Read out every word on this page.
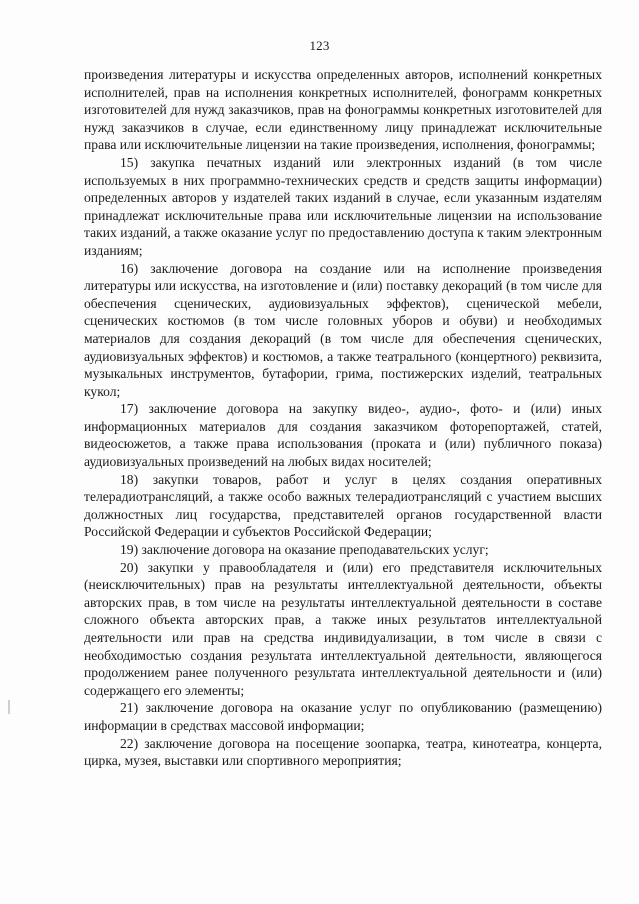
123

произведения литературы и искусства определенных авторов, исполнений конкретных исполнителей, прав на исполнения конкретных исполнителей, фонограмм конкретных изготовителей для нужд заказчиков, прав на фонограммы конкретных изготовителей для нужд заказчиков в случае, если единственному лицу принадлежат исключительные права или исключительные лицензии на такие произведения, исполнения, фонограммы;

15) закупка печатных изданий или электронных изданий (в том числе используемых в них программно-технических средств и средств защиты информации) определенных авторов у издателей таких изданий в случае, если указанным издателям принадлежат исключительные права или исключительные лицензии на использование таких изданий, а также оказание услуг по предоставлению доступа к таким электронным изданиям;

16) заключение договора на создание или на исполнение произведения литературы или искусства, на изготовление и (или) поставку декораций (в том числе для обеспечения сценических, аудиовизуальных эффектов), сценической мебели, сценических костюмов (в том числе головных уборов и обуви) и необходимых материалов для создания декораций (в том числе для обеспечения сценических, аудиовизуальных эффектов) и костюмов, а также театрального (концертного) реквизита, музыкальных инструментов, бутафории, грима, постижерских изделий, театральных кукол;

17) заключение договора на закупку видео-, аудио-, фото- и (или) иных информационных материалов для создания заказчиком фоторепортажей, статей, видеосюжетов, а также права использования (проката и (или) публичного показа) аудиовизуальных произведений на любых видах носителей;

18) закупки товаров, работ и услуг в целях создания оперативных телерадиотрансляций, а также особо важных телерадиотрансляций с участием высших должностных лиц государства, представителей органов государственной власти Российской Федерации и субъектов Российской Федерации;

19) заключение договора на оказание преподавательских услуг;

20) закупки у правообладателя и (или) его представителя исключительных (неисключительных) прав на результаты интеллектуальной деятельности, объекты авторских прав, в том числе на результаты интеллектуальной деятельности в составе сложного объекта авторских прав, а также иных результатов интеллектуальной деятельности или прав на средства индивидуализации, в том числе в связи с необходимостью создания результата интеллектуальной деятельности, являющегося продолжением ранее полученного результата интеллектуальной деятельности и (или) содержащего его элементы;

21) заключение договора на оказание услуг по опубликованию (размещению) информации в средствах массовой информации;

22) заключение договора на посещение зоопарка, театра, кинотеатра, концерта, цирка, музея, выставки или спортивного мероприятия;
